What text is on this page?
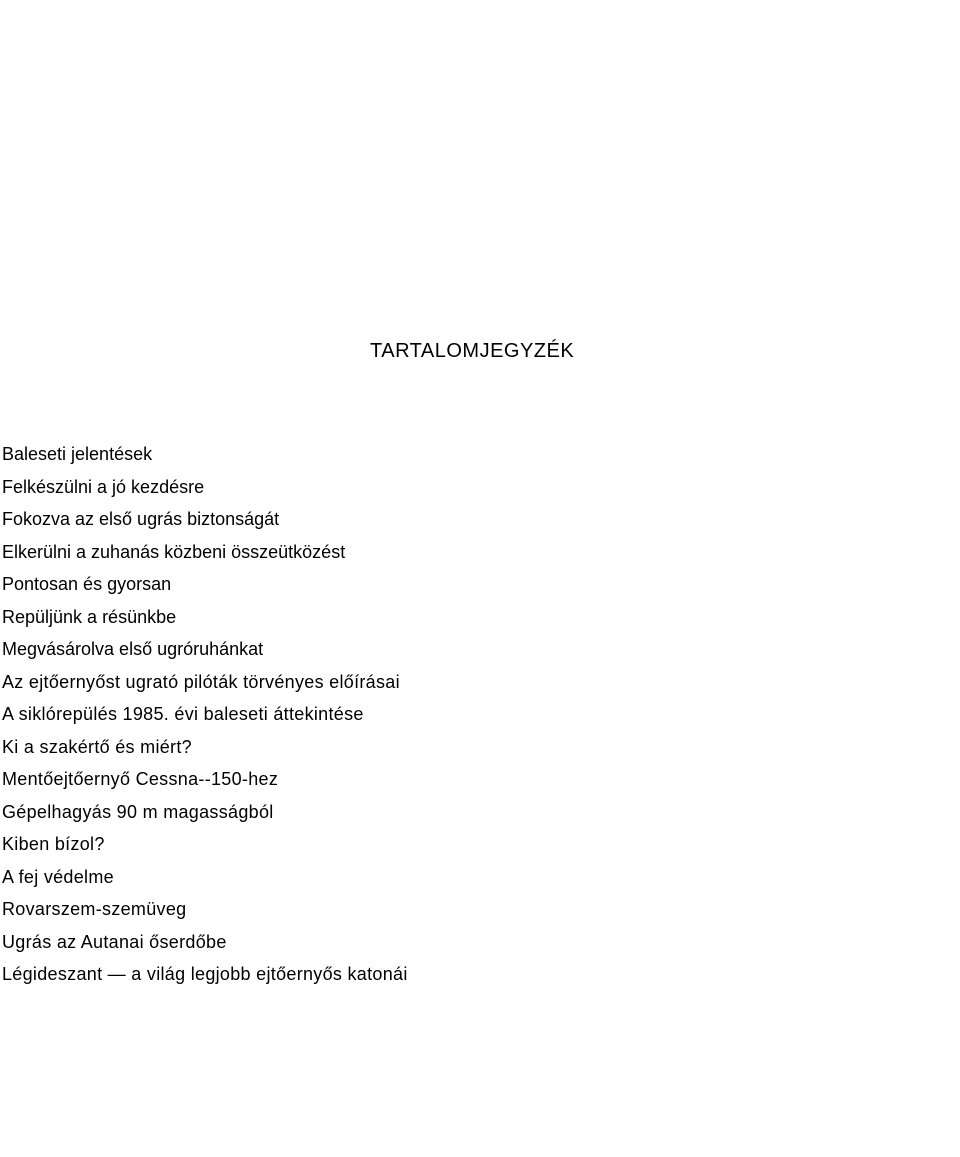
TARTALOMJEGYZÉK
Baleseti jelentések
Felkészülni a jó kezdésre
Fokozva az első ugrás biztonságát
Elkerülni a zuhanás közbeni összeütközést
Pontosan és gyorsan
Repüljünk a résünkbe
Megvásárolva első ugróruhánkat
Az ejtőernyőst ugrató pilóták törvényes előírásai
A siklórepülés 1985. évi baleseti áttekintése
Ki a szakértő és miért?
Mentőejtőernyő Cessna--150-hez
Gépelhagyás 90 m magasságból
Kiben bízol?
A fej védelme
Rovarszem-szemüveg
Ugrás az Autanai őserdőbe
Légideszant — a világ legjobb ejtőernyős katonái
